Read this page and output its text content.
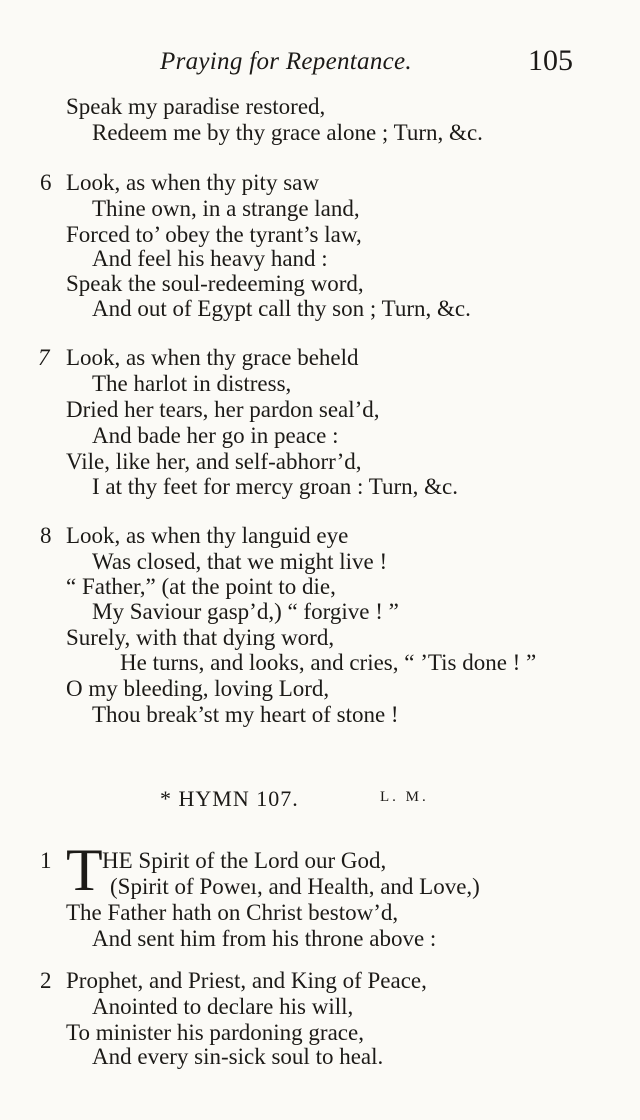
Praying for Repentance.	105
Speak my paradise restored,
Redeem me by thy grace alone ; Turn, &c.
6 Look, as when thy pity saw
Thine own, in a strange land,
Forced to’ obey the tyrant’s law,
And feel his heavy hand :
Speak the soul-redeeming word,
And out of Egypt call thy son ; Turn, &c.
7 Look, as when thy grace beheld
The harlot in distress,
Dried her tears, her pardon seal’d,
And bade her go in peace :
Vile, like her, and self-abhorr’d,
I at thy feet for mercy groan : Turn, &c.
8 Look, as when thy languid eye
Was closed, that we might live !
“ Father,” (at the point to die,
My Saviour gasp’d,) “ forgive ! ”
Surely, with that dying word,
He turns, and looks, and cries, “ ’Tis done ! ”
O my bleeding, loving Lord,
Thou break’st my heart of stone !
* HYMN 107.	L. M.
1 T HE Spirit of the Lord our God,
(Spirit of Poweı, and Health, and Love,)
The Father hath on Christ bestow’d,
And sent him from his throne above :
2 Prophet, and Priest, and King of Peace,
Anointed to declare his will,
To minister his pardoning grace,
And every sin-sick soul to heal.
